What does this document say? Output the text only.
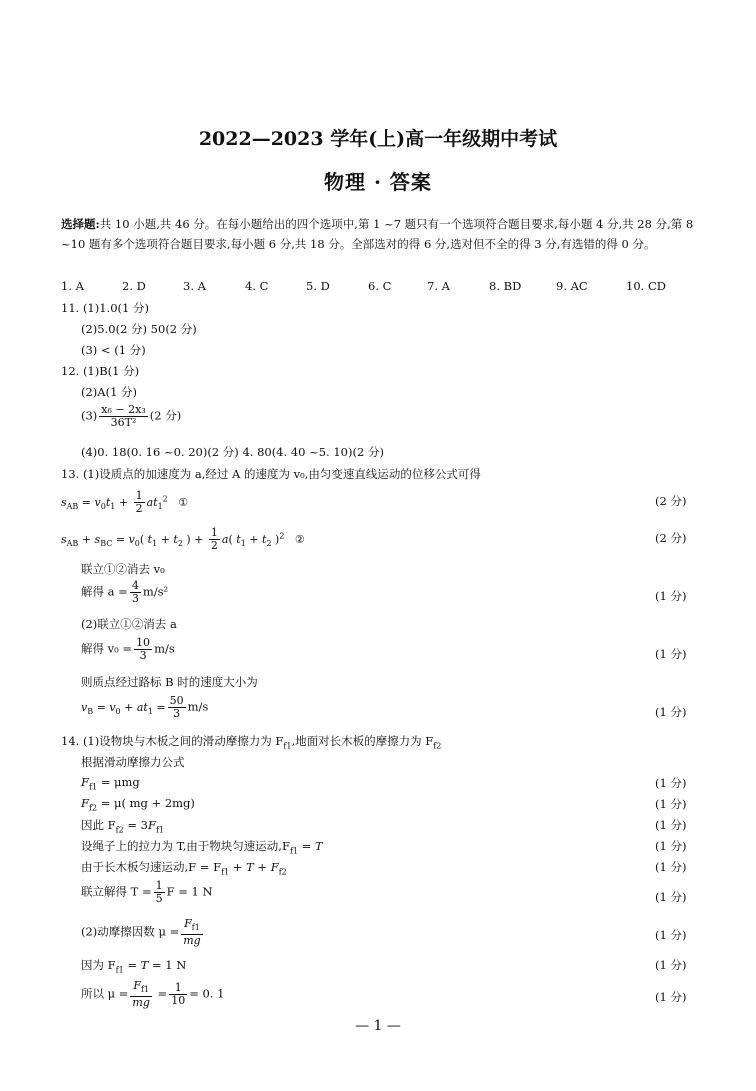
2022—2023 学年(上)高一年级期中考试
物理 · 答案
选择题:共 10 小题,共 46 分。在每小题给出的四个选项中,第 1 ~7 题只有一个选项符合题目要求,每小题 4 分,共 28 分,第 8 ~10 题有多个选项符合题目要求,每小题 6 分,共 18 分。全部选对的得 6 分,选对但不全的得 3 分,有选错的得 0 分。
1. A	2. D	3. A	4. C	5. D	6. C	7. A	8. BD	9. AC	10. CD
11. (1)1.0(1 分)
(2)5.0(2 分) 50(2 分)
(3) < (1 分)
12. (1)B(1 分)
(2)A(1 分)
$(3) \frac{\text{x₆ − 2x₃}}{\text{36T²}} (2$ 分)
(4)0. 18(0. 16 ~0. 20)(2 分) 4. 80(4. 40 ~5. 10)(2 分)
13. (1)设质点的加速度为 a,经过 A 的速度为 v₀,由匀变速直线运动的位移公式可得
$s_{AB} = v_0t_1 + \frac{1}{2} at_1^2$ ①	(2 分)
$s_{AB} + s_{BC} = v_0$( $t_1 + t_2$ ) + $\frac{1}{2} a$( $t_1 + t_2$ )$^2$ ②	(2 分)
联立①②消去 v₀
解得 $a = \frac{4}{3} m/s^2$	(1 分)
(2)联立①②消去 a
解得 $v_0 = \frac{10}{3} m/s$	(1 分)
则质点经过路标 B 时的速度大小为
$v_B = v_0 + at_1 = \frac{50}{3} m/s$	(1 分)
14. (1)设物块与木板之间的滑动摩擦力为 $F_{f1}$,地面对长木板的摩擦力为 $F_{f2}$
根据滑动摩擦力公式
$F_{f1} = \mu mg$	(1 分)
$F_{f2} = \mu$( mg + 2mg)	(1 分)
因此 $F_{f2} = 3F_{f1}$	(1 分)
设绳子上的拉力为 T,由于物块匀速运动$,F_{f1} = T$	(1 分)
由于长木板匀速运动$,F = F_{f1} + T + F_{f2}$	(1 分)
联立解得 $T = \frac{1}{5}$ F = 1 N	(1 分)
(2)动摩擦因数 $\mu = \frac{F_{f1}}{mg}$	(1 分)
因为 $F_{f1} = T = 1$ N	(1 分)
所以 $\mu = \frac{F_{f1}}{mg} = \frac{1}{10} = 0$. 1	(1 分)
— 1 —
